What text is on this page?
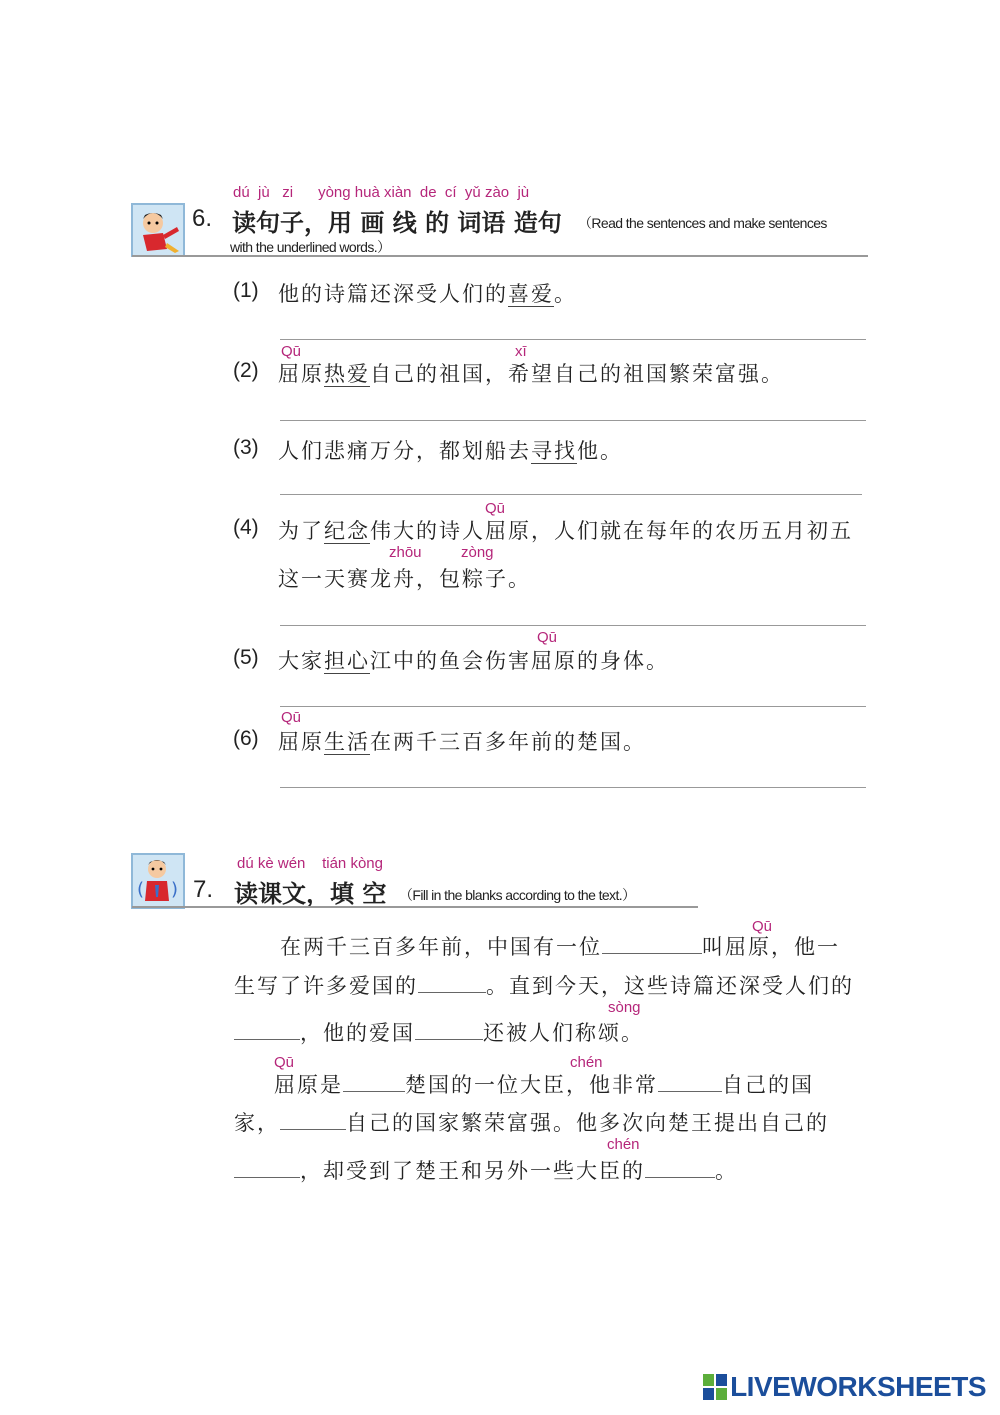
dú jù zi yòng huà xiàn de cí yǔ zào jù
6. 读句子，用 画 线 的 词语 造句 （Read the sentences and make sentences
with the underlined words.）
(1) 他的诗篇还深受人们的喜爱。
Qū	xī
(2) 屈原热爱自己的祖国，希望自己的祖国繁荣富强。
(3) 人们悲痛万分，都划船去寻找他。
Qū
(4) 为了纪念伟大的诗人屈原，人们就在每年的农历五月初五
zhōu	zòng
这一天赛龙舟，包粽子。
Qū
(5) 大家担心江中的鱼会伤害屈原的身体。
Qū
(6) 屈原生活在两千三百多年前的楚国。
( )
dú kè wén tián kòng
7. 读课文，填 空 （Fill in the blanks according to the text.）
Qū
在两千三百多年前，中国有一位	叫屈原，他一
生写了许多爱国的	。直到今天，这些诗篇还深受人们的
sòng
，他的爱国	还被人们称颂。
Qū	chén
屈原是	楚国的一位大臣，他非常	自己的国
家，	自己的国家繁荣富强。他多次向楚王提出自己的
chén
，却受到了楚王和另外一些大臣的	。
LIVEWORKSHEETS
